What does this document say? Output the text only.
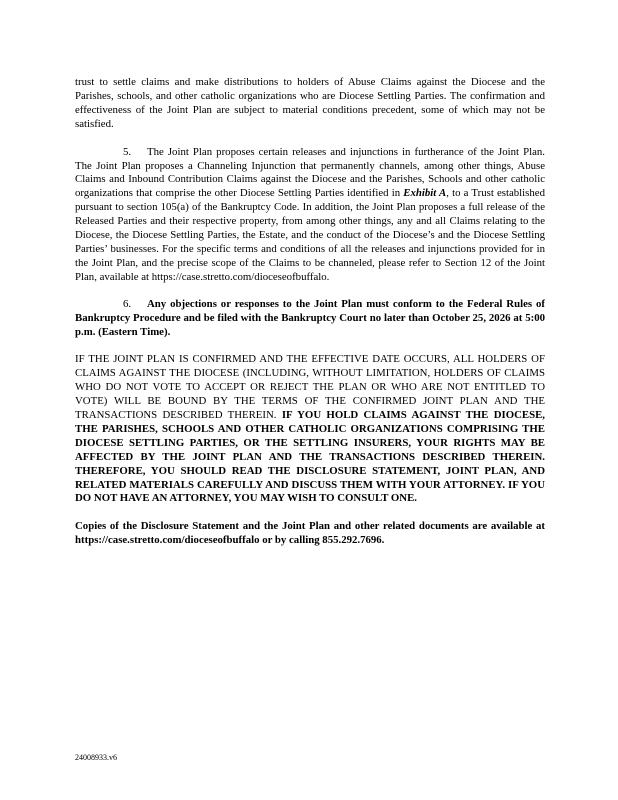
trust to settle claims and make distributions to holders of Abuse Claims against the Diocese and the Parishes, schools, and other catholic organizations who are Diocese Settling Parties. The confirmation and effectiveness of the Joint Plan are subject to material conditions precedent, some of which may not be satisfied.

5. The Joint Plan proposes certain releases and injunctions in furtherance of the Joint Plan. The Joint Plan proposes a Channeling Injunction that permanently channels, among other things, Abuse Claims and Inbound Contribution Claims against the Diocese and the Parishes, Schools and other catholic organizations that comprise the other Diocese Settling Parties identified in Exhibit A, to a Trust established pursuant to section 105(a) of the Bankruptcy Code. In addition, the Joint Plan proposes a full release of the Released Parties and their respective property, from among other things, any and all Claims relating to the Diocese, the Diocese Settling Parties, the Estate, and the conduct of the Diocese’s and the Diocese Settling Parties’ businesses. For the specific terms and conditions of all the releases and injunctions provided for in the Joint Plan, and the precise scope of the Claims to be channeled, please refer to Section 12 of the Joint Plan, available at https://case.stretto.com/dioceseofbuffalo.

6. Any objections or responses to the Joint Plan must conform to the Federal Rules of Bankruptcy Procedure and be filed with the Bankruptcy Court no later than October 25, 2026 at 5:00 p.m. (Eastern Time).

IF THE JOINT PLAN IS CONFIRMED AND THE EFFECTIVE DATE OCCURS, ALL HOLDERS OF CLAIMS AGAINST THE DIOCESE (INCLUDING, WITHOUT LIMITATION, HOLDERS OF CLAIMS WHO DO NOT VOTE TO ACCEPT OR REJECT THE PLAN OR WHO ARE NOT ENTITLED TO VOTE) WILL BE BOUND BY THE TERMS OF THE CONFIRMED JOINT PLAN AND THE TRANSACTIONS DESCRIBED THEREIN. IF YOU HOLD CLAIMS AGAINST THE DIOCESE, THE PARISHES, SCHOOLS AND OTHER CATHOLIC ORGANIZATIONS COMPRISING THE DIOCESE SETTLING PARTIES, OR THE SETTLING INSURERS, YOUR RIGHTS MAY BE AFFECTED BY THE JOINT PLAN AND THE TRANSACTIONS DESCRIBED THEREIN. THEREFORE, YOU SHOULD READ THE DISCLOSURE STATEMENT, JOINT PLAN, AND RELATED MATERIALS CAREFULLY AND DISCUSS THEM WITH YOUR ATTORNEY. IF YOU DO NOT HAVE AN ATTORNEY, YOU MAY WISH TO CONSULT ONE.

Copies of the Disclosure Statement and the Joint Plan and other related documents are available at https://case.stretto.com/dioceseofbuffalo or by calling 855.292.7696.

24008933.v6
